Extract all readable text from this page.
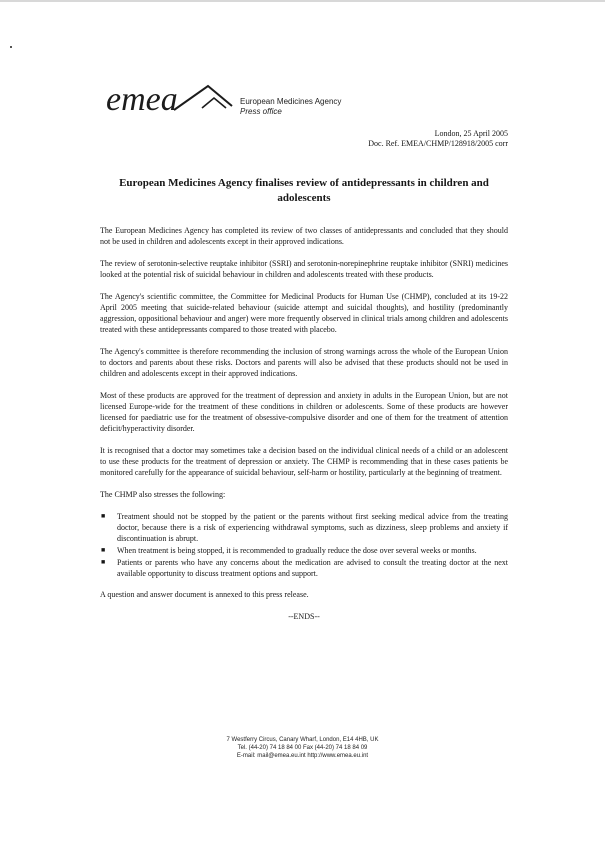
emea	European Medicines Agency
Press office
London, 25 April 2005
Doc. Ref. EMEA/CHMP/128918/2005 corr
European Medicines Agency finalises review of antidepressants in children and adolescents

The European Medicines Agency has completed its review of two classes of antidepressants and concluded that they should not be used in children and adolescents except in their approved indications.

The review of serotonin-selective reuptake inhibitor (SSRI) and serotonin-norepinephrine reuptake inhibitor (SNRI) medicines looked at the potential risk of suicidal behaviour in children and adolescents treated with these products.

The Agency's scientific committee, the Committee for Medicinal Products for Human Use (CHMP), concluded at its 19-22 April 2005 meeting that suicide-related behaviour (suicide attempt and suicidal thoughts), and hostility (predominantly aggression, oppositional behaviour and anger) were more frequently observed in clinical trials among children and adolescents treated with these antidepressants compared to those treated with placebo.

The Agency's committee is therefore recommending the inclusion of strong warnings across the whole of the European Union to doctors and parents about these risks. Doctors and parents will also be advised that these products should not be used in children and adolescents except in their approved indications.

Most of these products are approved for the treatment of depression and anxiety in adults in the European Union, but are not licensed Europe-wide for the treatment of these conditions in children or adolescents. Some of these products are however licensed for paediatric use for the treatment of obsessive-compulsive disorder and one of them for the treatment of attention deficit/hyperactivity disorder.

It is recognised that a doctor may sometimes take a decision based on the individual clinical needs of a child or an adolescent to use these products for the treatment of depression or anxiety. The CHMP is recommending that in these cases patients be monitored carefully for the appearance of suicidal behaviour, self-harm or hostility, particularly at the beginning of treatment.

The CHMP also stresses the following:

■ Treatment should not be stopped by the patient or the parents without first seeking medical advice from the treating doctor, because there is a risk of experiencing withdrawal symptoms, such as dizziness, sleep problems and anxiety if discontinuation is abrupt.
■ When treatment is being stopped, it is recommended to gradually reduce the dose over several weeks or months.
■ Patients or parents who have any concerns about the medication are advised to consult the treating doctor at the next available opportunity to discuss treatment options and support.

A question and answer document is annexed to this press release.

--ENDS--
7 Westferry Circus, Canary Wharf, London, E14 4HB, UK
Tel. (44-20) 74 18 84 00 Fax (44-20) 74 18 84 09
E-mail: mail@emea.eu.int http://www.emea.eu.int
